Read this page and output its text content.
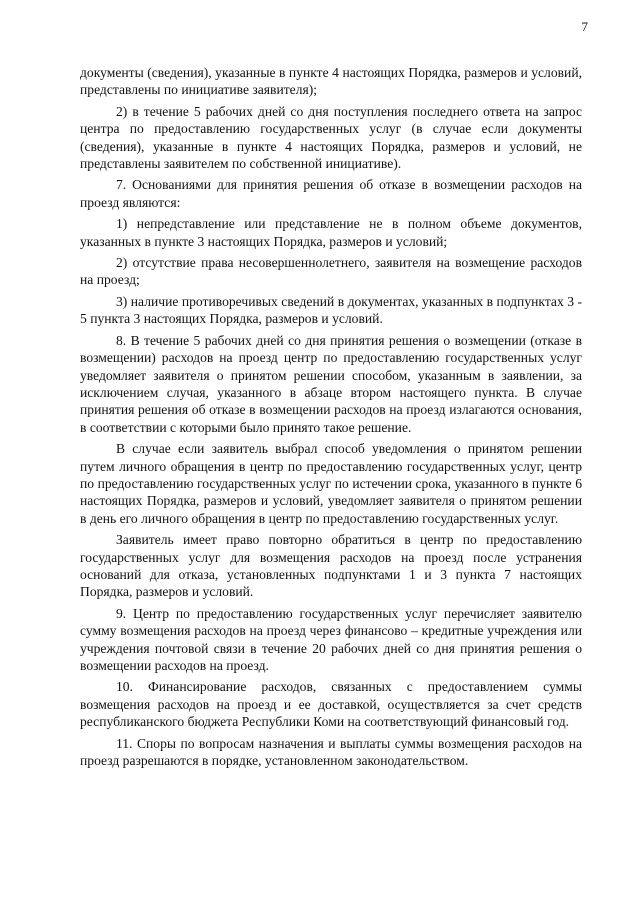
7

документы (сведения), указанные в пункте 4 настоящих Порядка, размеров и условий, представлены по инициативе заявителя);

2) в течение 5 рабочих дней со дня поступления последнего ответа на запрос центра по предоставлению государственных услуг (в случае если документы (сведения), указанные в пункте 4 настоящих Порядка, размеров и условий, не представлены заявителем по собственной инициативе).

7. Основаниями для принятия решения об отказе в возмещении расходов на проезд являются:

1) непредставление или представление не в полном объеме документов, указанных в пункте 3 настоящих Порядка, размеров и условий;

2) отсутствие права несовершеннолетнего, заявителя на возмещение расходов на проезд;

3) наличие противоречивых сведений в документах, указанных в подпунктах 3 - 5 пункта 3 настоящих Порядка, размеров и условий.

8. В течение 5 рабочих дней со дня принятия решения о возмещении (отказе в возмещении) расходов на проезд центр по предоставлению государственных услуг уведомляет заявителя о принятом решении способом, указанным в заявлении, за исключением случая, указанного в абзаце втором настоящего пункта. В случае принятия решения об отказе в возмещении расходов на проезд излагаются основания, в соответствии с которыми было принято такое решение.

В случае если заявитель выбрал способ уведомления о принятом решении путем личного обращения в центр по предоставлению государственных услуг, центр по предоставлению государственных услуг по истечении срока, указанного в пункте 6 настоящих Порядка, размеров и условий, уведомляет заявителя о принятом решении в день его личного обращения в центр по предоставлению государственных услуг.

Заявитель имеет право повторно обратиться в центр по предоставлению государственных услуг для возмещения расходов на проезд после устранения оснований для отказа, установленных подпунктами 1 и 3 пункта 7 настоящих Порядка, размеров и условий.

9. Центр по предоставлению государственных услуг перечисляет заявителю сумму возмещения расходов на проезд через финансово – кредитные учреждения или учреждения почтовой связи в течение 20 рабочих дней со дня принятия решения о возмещении расходов на проезд.

10. Финансирование расходов, связанных с предоставлением суммы возмещения расходов на проезд и ее доставкой, осуществляется за счет средств республиканского бюджета Республики Коми на соответствующий финансовый год.

11. Споры по вопросам назначения и выплаты суммы возмещения расходов на проезд разрешаются в порядке, установленном законодательством.
